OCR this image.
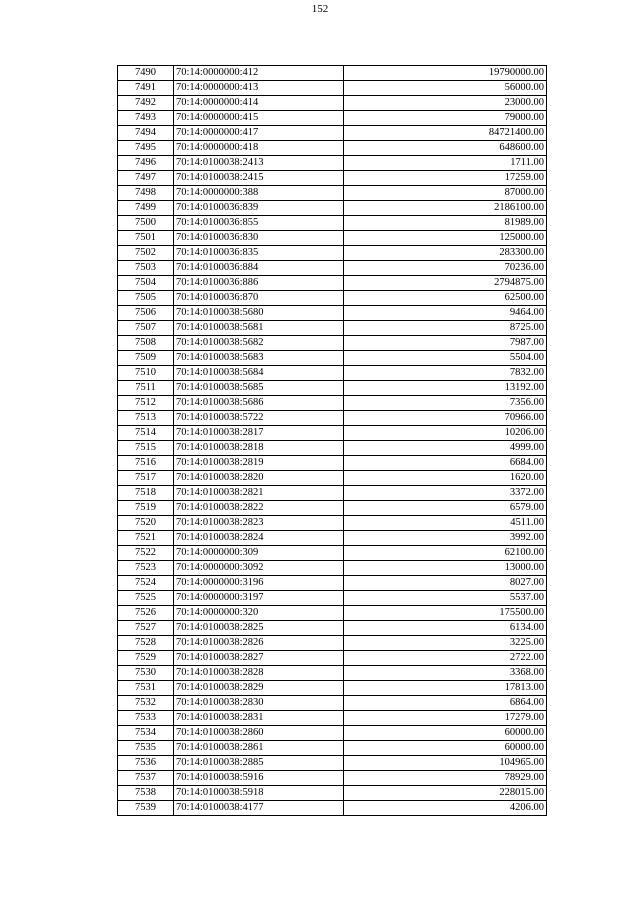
152
7490	70:14:0000000:412	19790000.00
7491	70:14:0000000:413	56000.00
7492	70:14:0000000:414	23000.00
7493	70:14:0000000:415	79000.00
7494	70:14:0000000:417	84721400.00
7495	70:14:0000000:418	648600.00
7496	70:14:0100038:2413	1711.00
7497	70:14:0100038:2415	17259.00
7498	70:14:0000000:388	87000.00
7499	70:14:0100036:839	2186100.00
7500	70:14:0100036:855	81989.00
7501	70:14:0100036:830	125000.00
7502	70:14:0100036:835	283300.00
7503	70:14:0100036:884	70236.00
7504	70:14:0100036:886	2794875.00
7505	70:14:0100036:870	62500.00
7506	70:14:0100038:5680	9464.00
7507	70:14:0100038:5681	8725.00
7508	70:14:0100038:5682	7987.00
7509	70:14:0100038:5683	5504.00
7510	70:14:0100038:5684	7832.00
7511	70:14:0100038:5685	13192.00
7512	70:14:0100038:5686	7356.00
7513	70:14:0100038:5722	70966.00
7514	70:14:0100038:2817	10206.00
7515	70:14:0100038:2818	4999.00
7516	70:14:0100038:2819	6684.00
7517	70:14:0100038:2820	1620.00
7518	70:14:0100038:2821	3372.00
7519	70:14:0100038:2822	6579.00
7520	70:14:0100038:2823	4511.00
7521	70:14:0100038:2824	3992.00
7522	70:14:0000000:309	62100.00
7523	70:14:0000000:3092	13000.00
7524	70:14:0000000:3196	8027.00
7525	70:14:0000000:3197	5537.00
7526	70:14:0000000:320	175500.00
7527	70:14:0100038:2825	6134.00
7528	70:14:0100038:2826	3225.00
7529	70:14:0100038:2827	2722.00
7530	70:14:0100038:2828	3368.00
7531	70:14:0100038:2829	17813.00
7532	70:14:0100038:2830	6864.00
7533	70:14:0100038:2831	17279.00
7534	70:14:0100038:2860	60000.00
7535	70:14:0100038:2861	60000.00
7536	70:14:0100038:2885	104965.00
7537	70:14:0100038:5916	78929.00
7538	70:14:0100038:5918	228015.00
7539	70:14:0100038:4177	4206.00
